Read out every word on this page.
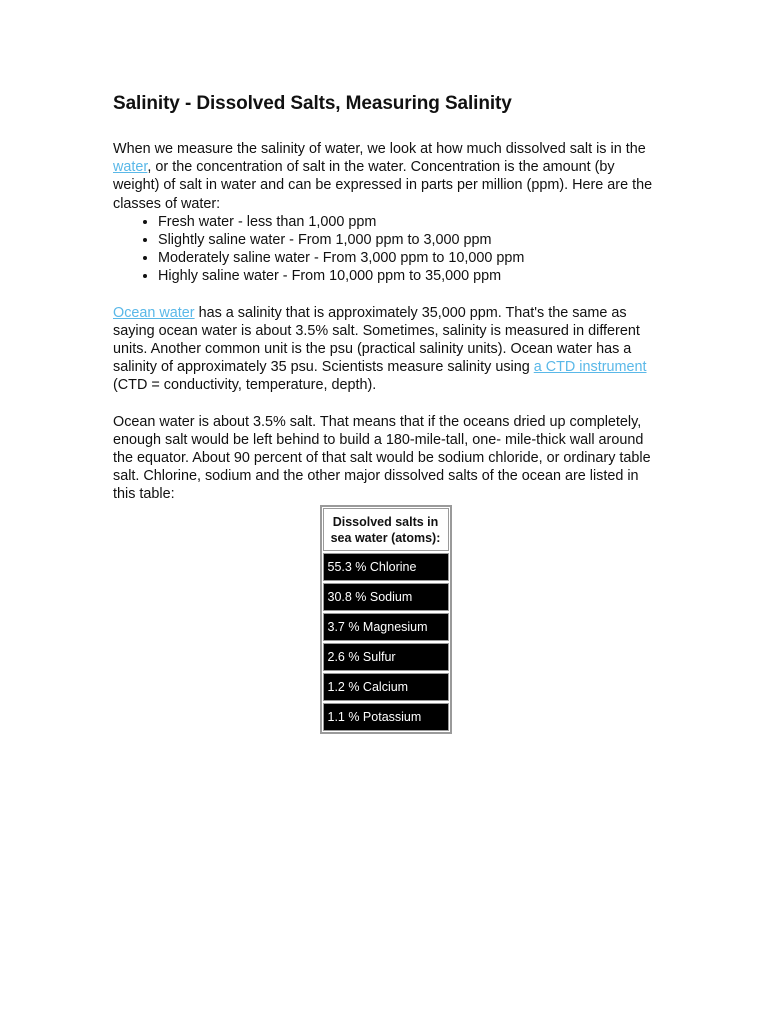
Salinity - Dissolved Salts, Measuring Salinity

When we measure the salinity of water, we look at how much dissolved salt is in the water, or the concentration of salt in the water. Concentration is the amount (by weight) of salt in water and can be expressed in parts per million (ppm). Here are the classes of water:

• Fresh water - less than 1,000 ppm
• Slightly saline water - From 1,000 ppm to 3,000 ppm
• Moderately saline water - From 3,000 ppm to 10,000 ppm
• Highly saline water - From 10,000 ppm to 35,000 ppm

Ocean water has a salinity that is approximately 35,000 ppm. That's the same as saying ocean water is about 3.5% salt. Sometimes, salinity is measured in different units. Another common unit is the psu (practical salinity units). Ocean water has a salinity of approximately 35 psu. Scientists measure salinity using a CTD instrument (CTD = conductivity, temperature, depth).

Ocean water is about 3.5% salt. That means that if the oceans dried up completely, enough salt would be left behind to build a 180-mile-tall, one- mile-thick wall around the equator. About 90 percent of that salt would be sodium chloride, or ordinary table salt. Chlorine, sodium and the other major dissolved salts of the ocean are listed in this table:

Dissolved salts in sea water (atoms):
55.3 % Chlorine
30.8 % Sodium
3.7 % Magnesium
2.6 % Sulfur
1.2 % Calcium
1.1 % Potassium
